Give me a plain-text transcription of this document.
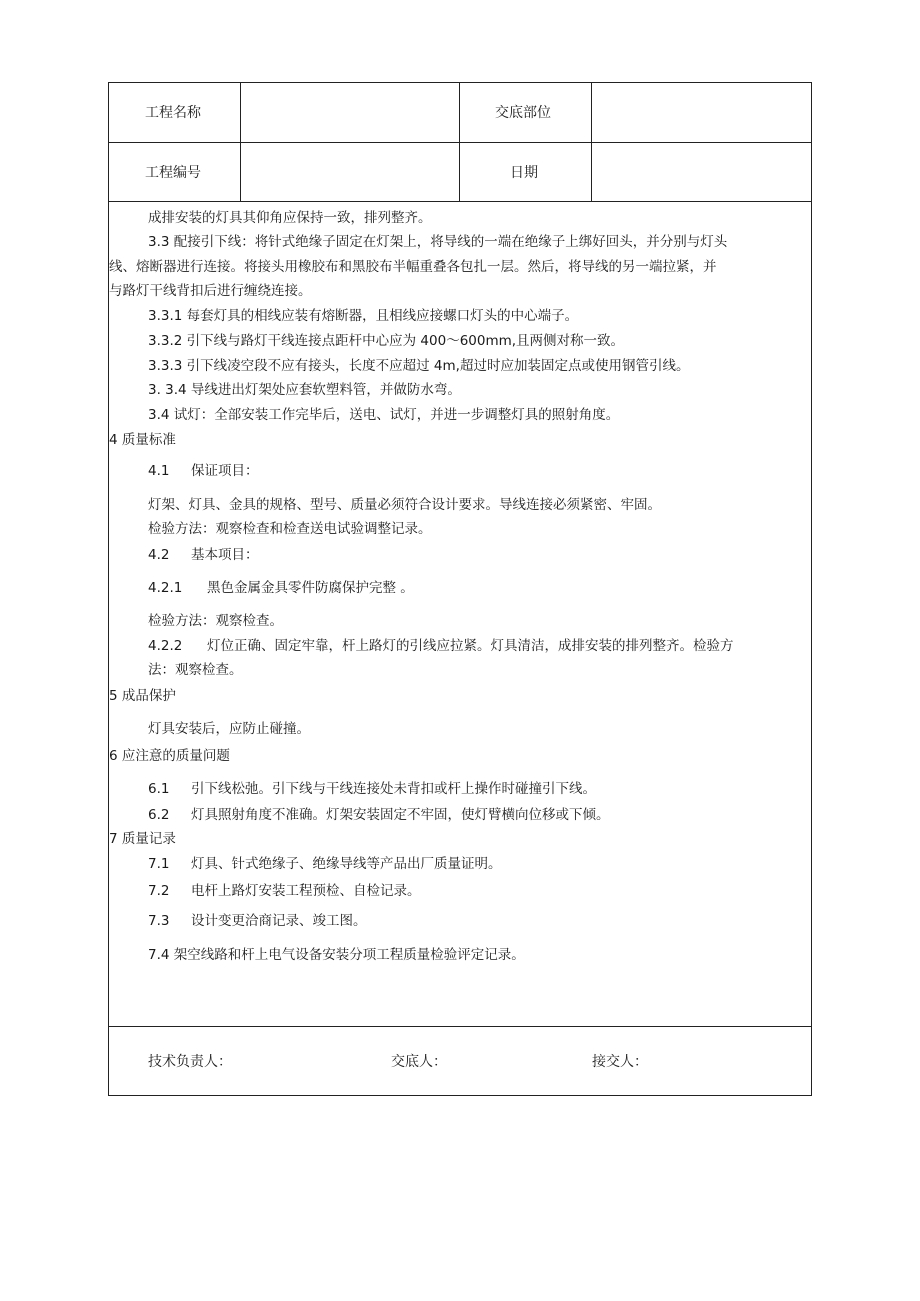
工程名称	交底部位
工程编号	日期
成排安装的灯具其仰角应保持一致，排列整齐。
3.3 配接引下线：将针式绝缘子固定在灯架上，将导线的一端在绝缘子上绑好回头，并分别与灯头
线、熔断器进行连接。将接头用橡胶布和黑胶布半幅重叠各包扎一层。然后，将导线的另一端拉紧，并
与路灯干线背扣后进行缠绕连接。
3.3.1 每套灯具的相线应装有熔断器，且相线应接螺口灯头的中心端子。
3.3.2 引下线与路灯干线连接点距杆中心应为 400～600mm,且两侧对称一致。
3.3.3 引下线凌空段不应有接头，长度不应超过 4m,超过时应加装固定点或使用钢管引线。
3. 3.4 导线进出灯架处应套软塑料管，并做防水弯。
3.4 试灯：全部安装工作完毕后，送电、试灯，并进一步调整灯具的照射角度。
4 质量标准
4.1 保证项目：
灯架、灯具、金具的规格、型号、质量必须符合设计要求。导线连接必须紧密、牢固。
检验方法：观察检查和检查送电试验调整记录。
4.2 基本项目：
4.2.1 黑色金属金具零件防腐保护完整 。
检验方法：观察检查。
4.2.2 灯位正确、固定牢靠，杆上路灯的引线应拉紧。灯具清洁，成排安装的排列整齐。检验方
法：观察检查。
5 成品保护
灯具安装后，应防止碰撞。
6 应注意的质量问题
6.1 引下线松弛。引下线与干线连接处未背扣或杆上操作时碰撞引下线。
6.2 灯具照射角度不准确。灯架安装固定不牢固，使灯臂横向位移或下倾。
7 质量记录
7.1 灯具、针式绝缘子、绝缘导线等产品出厂质量证明。
7.2 电杆上路灯安装工程预检、自检记录。
7.3 设计变更洽商记录、竣工图。
7.4 架空线路和杆上电气设备安装分项工程质量检验评定记录。
技术负责人：	交底人：	接交人：
